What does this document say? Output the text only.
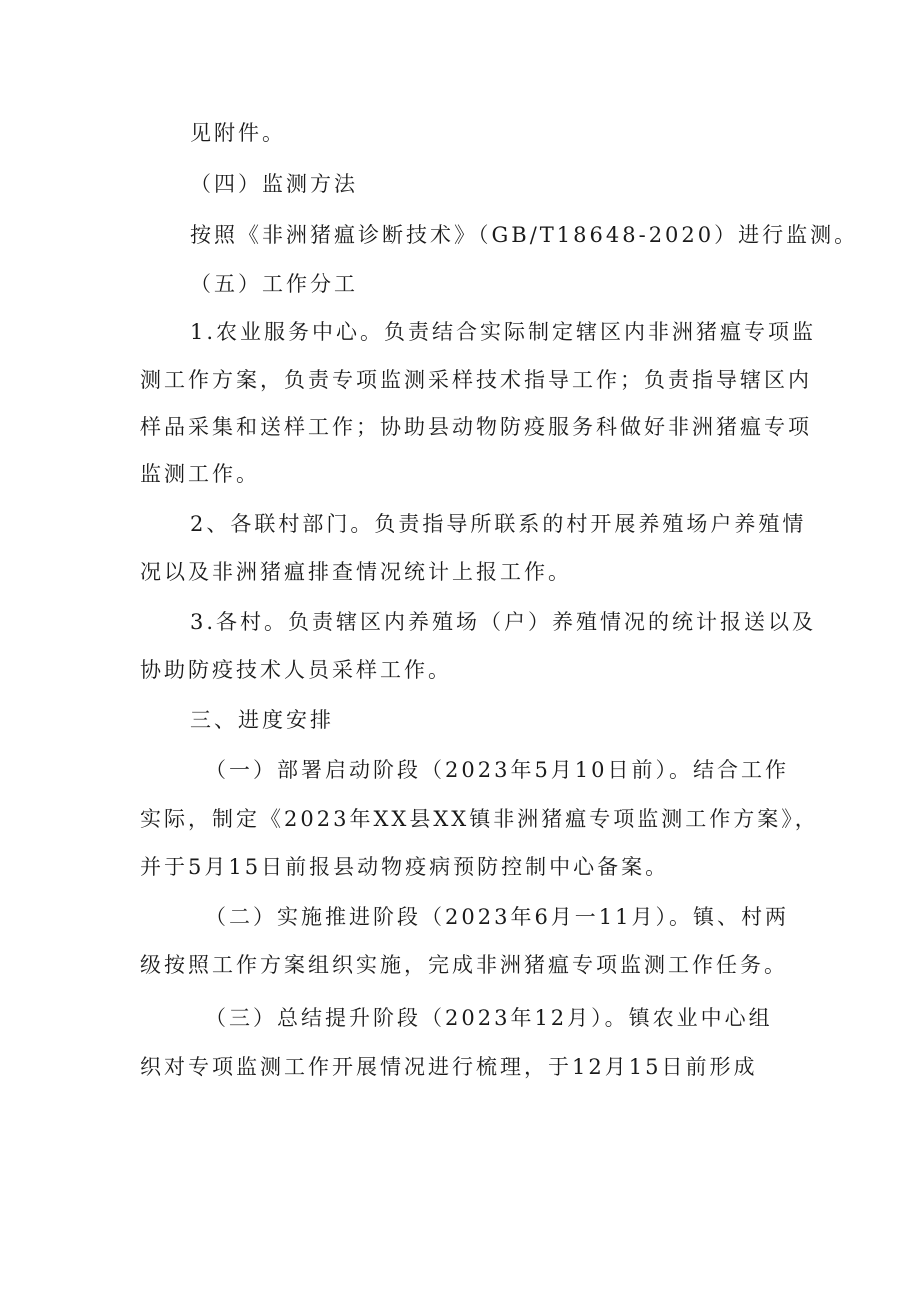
见附件。

（四）监测方法

按照《非洲猪瘟诊断技术》（GB/T18648-2020）进行监测。

（五）工作分工

1.农业服务中心。负责结合实际制定辖区内非洲猪瘟专项监

测工作方案，负责专项监测采样技术指导工作；负责指导辖区内

样品采集和送样工作；协助县动物防疫服务科做好非洲猪瘟专项

监测工作。

2、各联村部门。负责指导所联系的村开展养殖场户养殖情

况以及非洲猪瘟排查情况统计上报工作。

3.各村。负责辖区内养殖场（户）养殖情况的统计报送以及

协助防疫技术人员采样工作。

三、进度安排

（一）部署启动阶段（2023年5月10日前）。结合工作

实际，制定《2023年XX县XX镇非洲猪瘟专项监测工作方案》，

并于5月15日前报县动物疫病预防控制中心备案。

（二）实施推进阶段（2023年6月一11月）。镇、村两

级按照工作方案组织实施，完成非洲猪瘟专项监测工作任务。

（三）总结提升阶段（2023年12月）。镇农业中心组

织对专项监测工作开展情况进行梳理，于12月15日前形成
